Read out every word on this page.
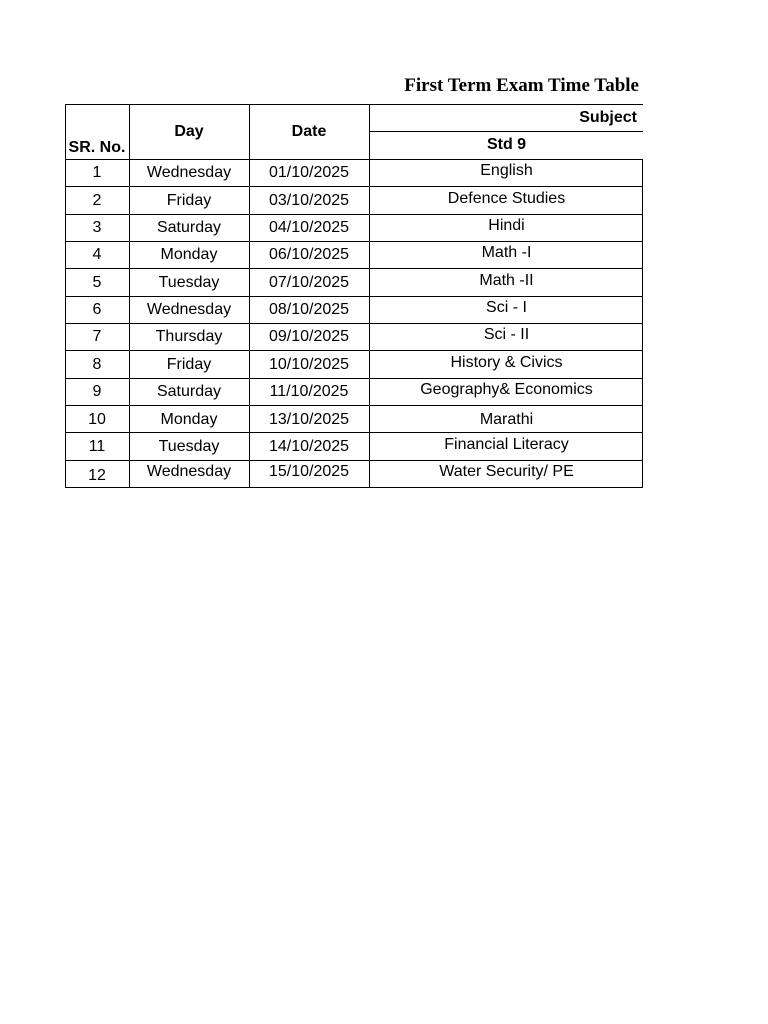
First Term Exam Time Table
SR. No.
Day	Date
Subject
Std 9
1	Wednesday	01/10/2025	English
2	Friday	03/10/2025	Defence Studies
3	Saturday	04/10/2025	Hindi
4	Monday	06/10/2025	Math -I
5	Tuesday	07/10/2025	Math -II
6	Wednesday	08/10/2025	Sci - I
7	Thursday	09/10/2025	Sci - II
8	Friday	10/10/2025	History & Civics
9	Saturday	11/10/2025	Geography& Economics
10	Monday	13/10/2025	Marathi
11	Tuesday	14/10/2025	Financial Literacy
12	Wednesday	15/10/2025	Water Security/ PE
